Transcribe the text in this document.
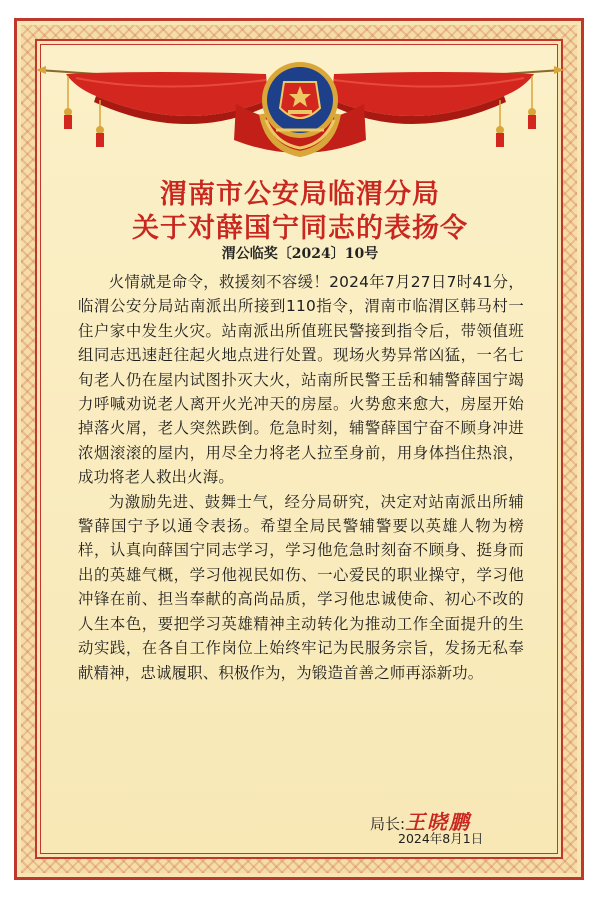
渭南市公安局临渭分局
关于对薛国宁同志的表扬令
渭公临奖〔2024〕10号

火情就是命令，救援刻不容缓！2024年7月27日7时41分，临渭公安分局站南派出所接到110指令，渭南市临渭区韩马村一住户家中发生火灾。站南派出所值班民警接到指令后，带领值班组同志迅速赶往起火地点进行处置。现场火势异常凶猛，一名七旬老人仍在屋内试图扑灭大火，站南所民警王岳和辅警薛国宁竭力呼喊劝说老人离开火光冲天的房屋。火势愈来愈大，房屋开始掉落火屑，老人突然跌倒。危急时刻，辅警薛国宁奋不顾身冲进浓烟滚滚的屋内，用尽全力将老人拉至身前，用身体挡住热浪，成功将老人救出火海。

为激励先进、鼓舞士气，经分局研究，决定对站南派出所辅警薛国宁予以通令表扬。希望全局民警辅警要以英雄人物为榜样，认真向薛国宁同志学习，学习他危急时刻奋不顾身、挺身而出的英雄气概，学习他视民如伤、一心爱民的职业操守，学习他冲锋在前、担当奉献的高尚品质，学习他忠诚使命、初心不改的人生本色，要把学习英雄精神主动转化为推动工作全面提升的生动实践，在各自工作岗位上始终牢记为民服务宗旨，发扬无私奉献精神，忠诚履职、积极作为，为锻造首善之师再添新功。

局长:王晓鹏
2024年8月1日
